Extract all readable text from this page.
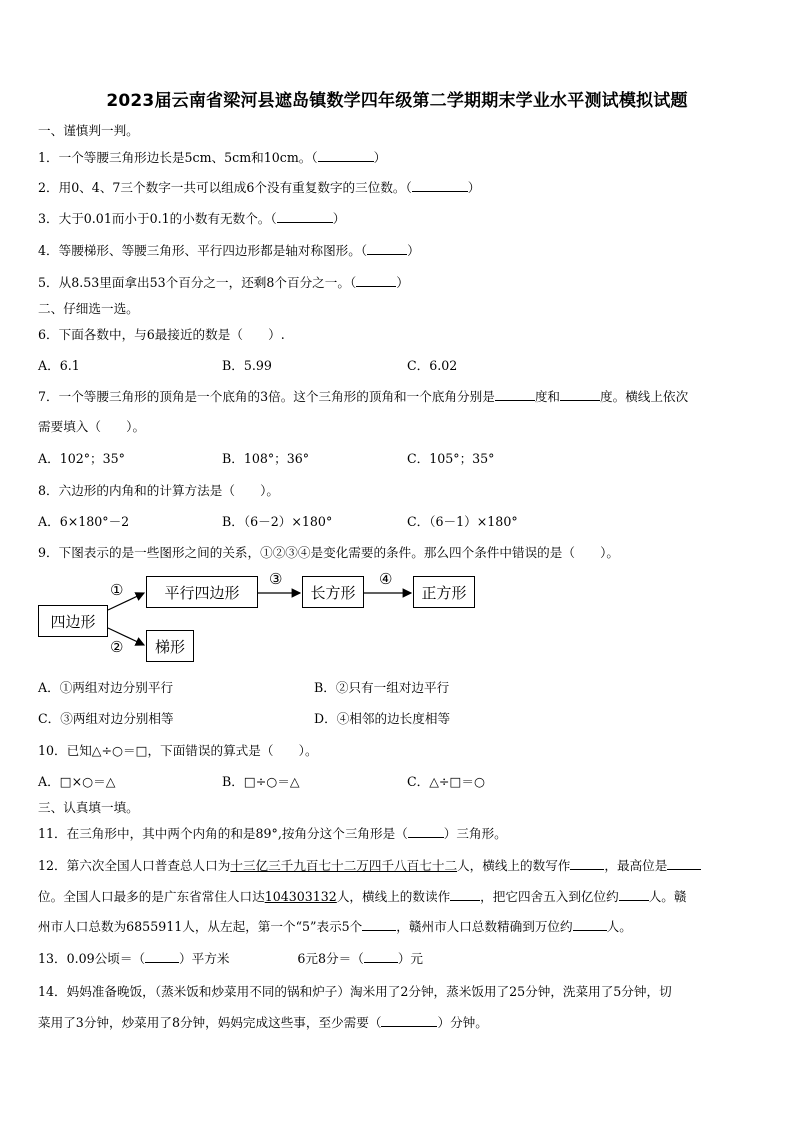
2023届云南省梁河县遮岛镇数学四年级第二学期期末学业水平测试模拟试题
一、谨慎判一判。
1．一个等腰三角形边长是5cm、5cm和10cm。（	）
2．用0、4、7三个数字一共可以组成6个没有重复数字的三位数。（	）
3．大于0.01而小于0.1的小数有无数个。（	）
4．等腰梯形、等腰三角形、平行四边形都是轴对称图形。（	）
5．从8.53里面拿出53个百分之一，还剩8个百分之一。（	）
二、仔细选一选。
6．下面各数中，与6最接近的数是（　　）.
A．6.1	B．5.99	C．6.02
7．一个等腰三角形的顶角是一个底角的3倍。这个三角形的顶角和一个底角分别是	度和	度。横线上依次
需要填入（　　）。
A．102°；35°	B．108°；36°	C．105°；35°
8．六边形的内角和的计算方法是（　　）。
A．6×180°－2	B．（6－2）×180°	C．（6－1）×180°
9．下图表示的是一些图形之间的关系，①②③④是变化需要的条件。那么四个条件中错误的是（　　）。
四边形
平行四边形	长方形	正方形
梯形
①
②
③	④
A．①两组对边分别平行	B．②只有一组对边平行
C．③两组对边分别相等	D．④相邻的边长度相等
10．已知△÷○＝□，下面错误的算式是（　　）。
A．□×○＝△	B．□÷○＝△	C．△÷□＝○
三、认真填一填。
11．在三角形中，其中两个内角的和是89°,按角分这个三角形是（	）三角形。
12．第六次全国人口普查总人口为十三亿三千九百七十二万四千八百七十二人，横线上的数写作	，最高位是
位。全国人口最多的是广东省常住人口达104303132人，横线上的数读作 ，把它四舍五入到亿位约 人。赣
州市人口总数为6855911人，从左起，第一个“5”表示5个	，赣州市人口总数精确到万位约	人。
13．0.09公顷＝（	）平方米	6元8分＝（	）元
14．妈妈准备晚饭，（蒸米饭和炒菜用不同的锅和炉子）淘米用了2分钟，蒸米饭用了25分钟，洗菜用了5分钟，切
菜用了3分钟，炒菜用了8分钟，妈妈完成这些事，至少需要（	）分钟。
